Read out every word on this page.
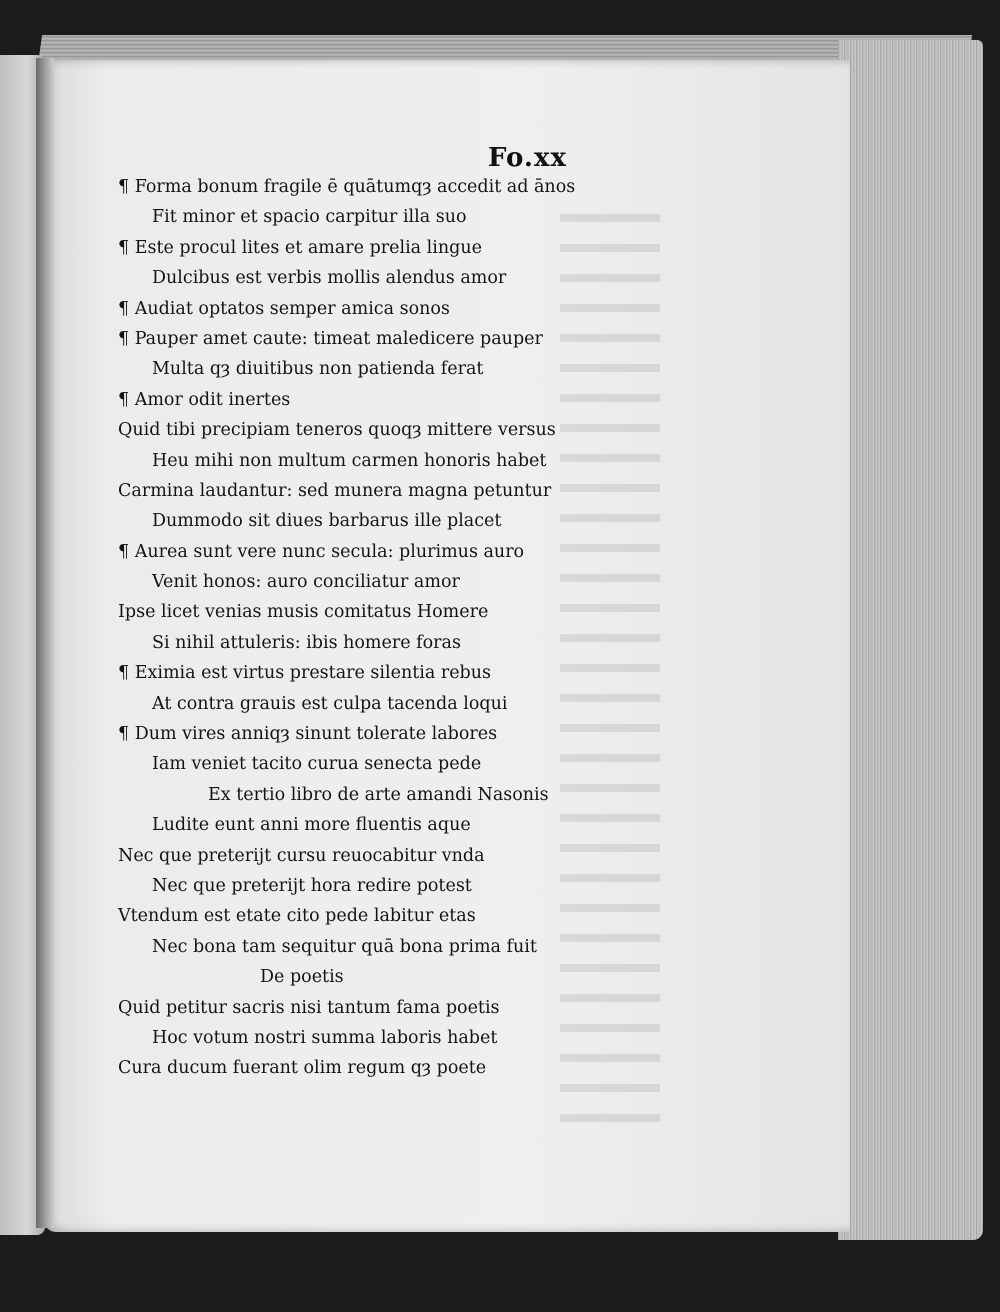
Fo.xx
¶ Forma bonum fragile ē quātumqȝ accedit ad ānos
Fit minor et spacio carpitur illa suo
¶ Este procul lites et amare prelia lingue
Dulcibus est verbis mollis alendus amor
¶ Audiat optatos semper amica sonos
¶ Pauper amet caute: timeat maledicere pauper
Multa qȝ diuitibus non patienda ferat
¶ Amor odit inertes
Quid tibi precipiam teneros quoqȝ mittere versus
Heu mihi non multum carmen honoris habet
Carmina laudantur: sed munera magna petuntur
Dummodo sit diues barbarus ille placet
¶ Aurea sunt vere nunc secula: plurimus auro
Venit honos: auro conciliatur amor
Ipse licet venias musis comitatus Homere
Si nihil attuleris: ibis homere foras
¶ Eximia est virtus prestare silentia rebus
At contra grauis est culpa tacenda loqui
¶ Dum vires anniqȝ sinunt tolerate labores
Iam veniet tacito curua senecta pede
Ex tertio libro de arte amandi Nasonis
Ludite eunt anni more fluentis aque
Nec que preterijt cursu reuocabitur vnda
Nec que preterijt hora redire potest
Vtendum est etate cito pede labitur etas
Nec bona tam sequitur quā bona prima fuit
De poetis
Quid petitur sacris nisi tantum fama poetis
Hoc votum nostri summa laboris habet
Cura ducum fuerant olim regum qȝ poete
